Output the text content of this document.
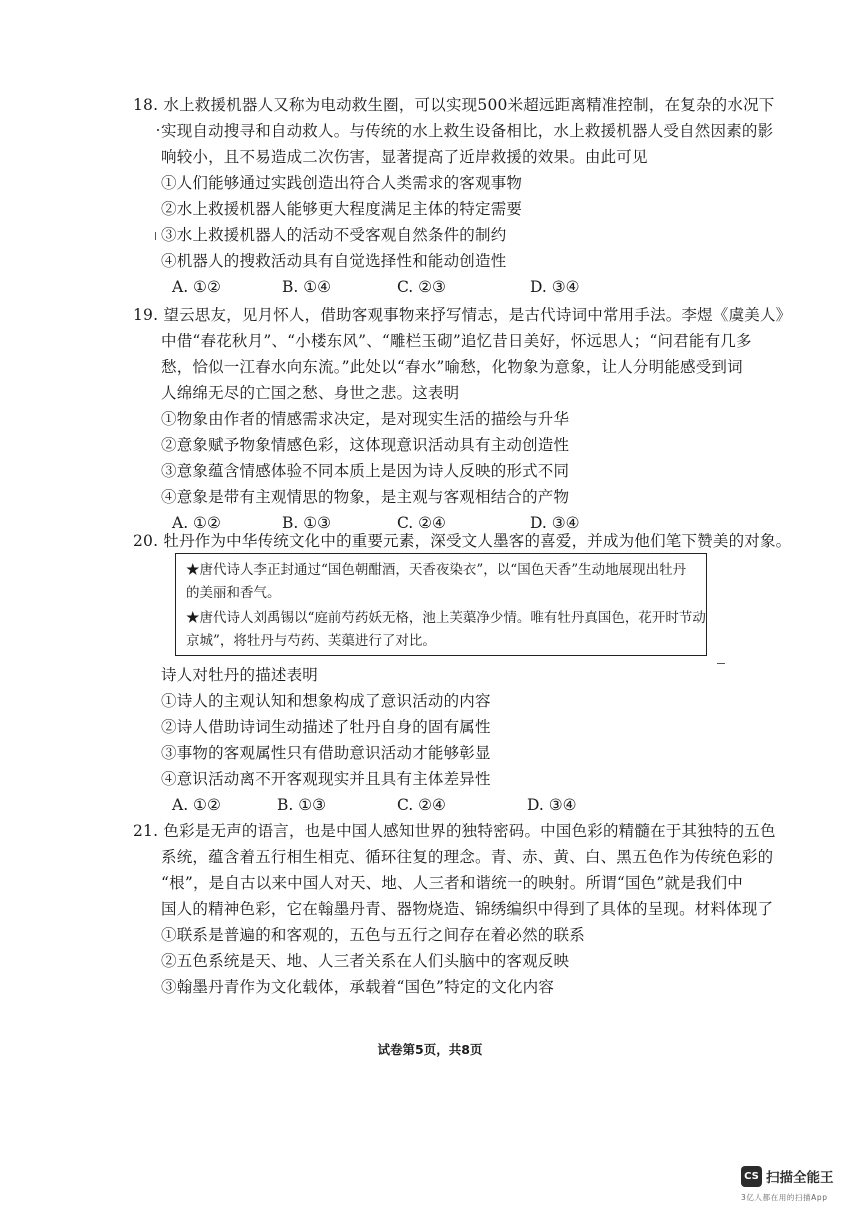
18. 水上救援机器人又称为电动救生圈，可以实现500米超远距离精准控制，在复杂的水况下
实现自动搜寻和自动救人。与传统的水上救生设备相比，水上救援机器人受自然因素的影
响较小，且不易造成二次伤害，显著提高了近岸救援的效果。由此可见
①人们能够通过实践创造出符合人类需求的客观事物
②水上救援机器人能够更大程度满足主体的特定需要
③水上救援机器人的活动不受客观自然条件的制约
④机器人的搜救活动具有自觉选择性和能动创造性
A. ①②	B. ①④	C. ②③	D. ③④
19. 望云思友，见月怀人，借助客观事物来抒写情志，是古代诗词中常用手法。李煜《虞美人》
中借“春花秋月”、“小楼东风”、“雕栏玉砌”追忆昔日美好，怀远思人；“问君能有几多
愁，恰似一江春水向东流。”此处以“春水”喻愁，化物象为意象，让人分明能感受到词
人绵绵无尽的亡国之愁、身世之悲。这表明
①物象由作者的情感需求决定，是对现实生活的描绘与升华
②意象赋予物象情感色彩，这体现意识活动具有主动创造性
③意象蕴含情感体验不同本质上是因为诗人反映的形式不同
④意象是带有主观情思的物象，是主观与客观相结合的产物
A. ①②	B. ①③	C. ②④	D. ③④
20. 牡丹作为中华传统文化中的重要元素，深受文人墨客的喜爱，并成为他们笔下赞美的对象。
★唐代诗人李正封通过“国色朝酣酒，天香夜染衣”，以“国色天香”生动地展现出牡丹
的美丽和香气。
★唐代诗人刘禹锡以“庭前芍药妖无格，池上芙蕖净少情。唯有牡丹真国色，花开时节动
京城”，将牡丹与芍药、芙蕖进行了对比。
诗人对牡丹的描述表明
①诗人的主观认知和想象构成了意识活动的内容
②诗人借助诗词生动描述了牡丹自身的固有属性
③事物的客观属性只有借助意识活动才能够彰显
④意识活动离不开客观现实并且具有主体差异性
A. ①②	B. ①③	C. ②④	D. ③④
21. 色彩是无声的语言，也是中国人感知世界的独特密码。中国色彩的精髓在于其独特的五色
系统，蕴含着五行相生相克、循环往复的理念。青、赤、黄、白、黑五色作为传统色彩的
“根”，是自古以来中国人对天、地、人三者和谐统一的映射。所谓“国色”就是我们中
国人的精神色彩，它在翰墨丹青、器物烧造、锦绣编织中得到了具体的呈现。材料体现了
①联系是普遍的和客观的，五色与五行之间存在着必然的联系
②五色系统是天、地、人三者关系在人们头脑中的客观反映
③翰墨丹青作为文化载体，承载着“国色”特定的文化内容
试卷第5页，共8页
CS 扫描全能王
3亿人都在用的扫描App
